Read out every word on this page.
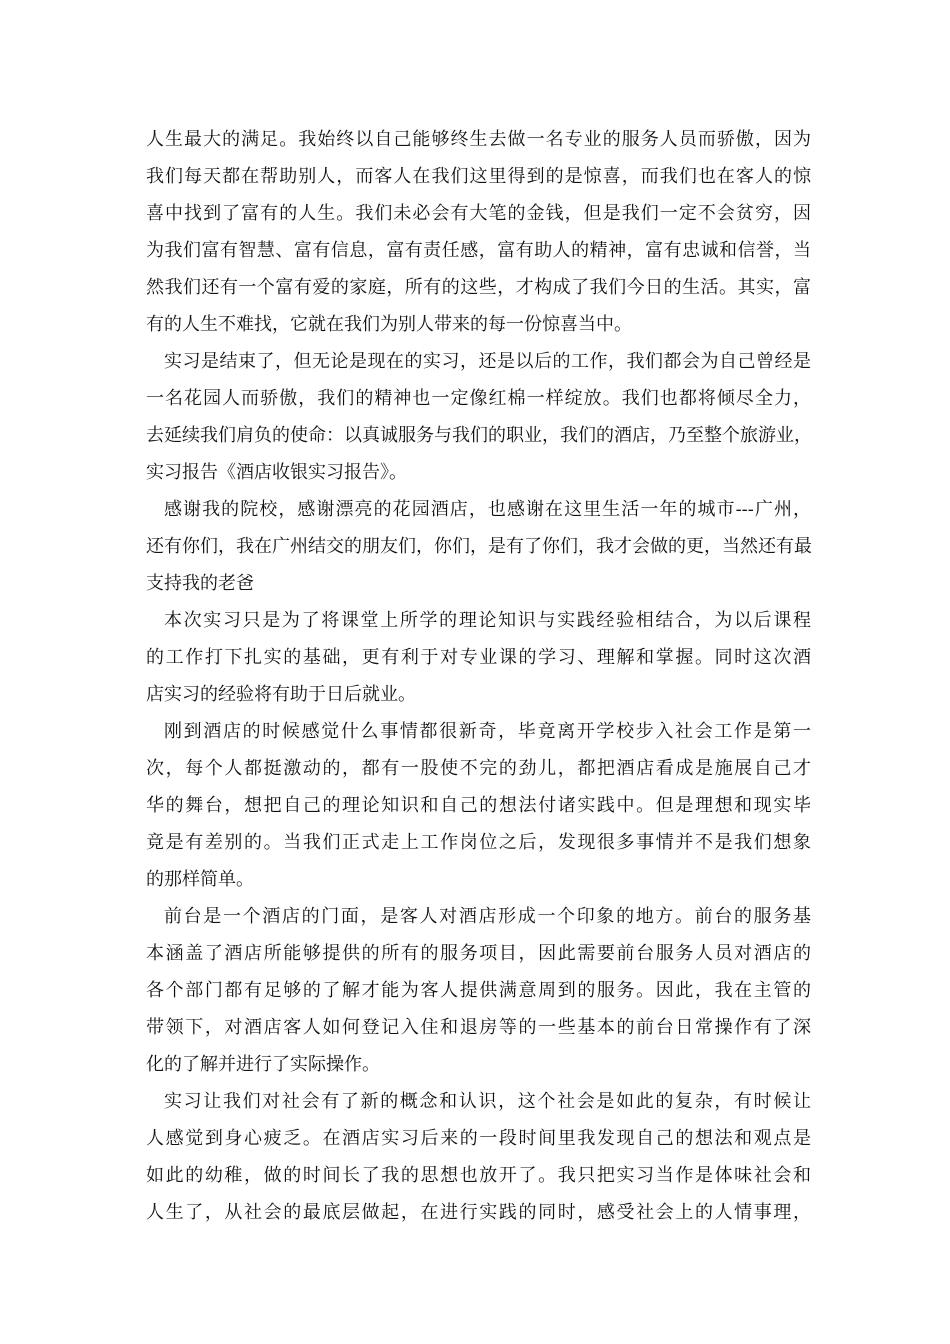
人生最大的满足。我始终以自己能够终生去做一名专业的服务人员而骄傲，因为
我们每天都在帮助别人，而客人在我们这里得到的是惊喜，而我们也在客人的惊
喜中找到了富有的人生。我们未必会有大笔的金钱，但是我们一定不会贫穷，因
为我们富有智慧、富有信息，富有责任感，富有助人的精神，富有忠诚和信誉，当
然我们还有一个富有爱的家庭，所有的这些，才构成了我们今日的生活。其实，富
有的人生不难找，它就在我们为别人带来的每一份惊喜当中。
实习是结束了，但无论是现在的实习，还是以后的工作，我们都会为自己曾经是
一名花园人而骄傲，我们的精神也一定像红棉一样绽放。我们也都将倾尽全力，
去延续我们肩负的使命：以真诚服务与我们的职业，我们的酒店，乃至整个旅游业，
实习报告《酒店收银实习报告》。
感谢我的院校，感谢漂亮的花园酒店，也感谢在这里生活一年的城市---广州，
还有你们，我在广州结交的朋友们，你们，是有了你们，我才会做的更，当然还有最
支持我的老爸
本次实习只是为了将课堂上所学的理论知识与实践经验相结合，为以后课程
的工作打下扎实的基础，更有利于对专业课的学习、理解和掌握。同时这次酒
店实习的经验将有助于日后就业。
刚到酒店的时候感觉什么事情都很新奇，毕竟离开学校步入社会工作是第一
次，每个人都挺激动的，都有一股使不完的劲儿，都把酒店看成是施展自己才
华的舞台，想把自己的理论知识和自己的想法付诸实践中。但是理想和现实毕
竟是有差别的。当我们正式走上工作岗位之后，发现很多事情并不是我们想象
的那样简单。
前台是一个酒店的门面，是客人对酒店形成一个印象的地方。前台的服务基
本涵盖了酒店所能够提供的所有的服务项目，因此需要前台服务人员对酒店的
各个部门都有足够的了解才能为客人提供满意周到的服务。因此，我在主管的
带领下，对酒店客人如何登记入住和退房等的一些基本的前台日常操作有了深
化的了解并进行了实际操作。
实习让我们对社会有了新的概念和认识，这个社会是如此的复杂，有时候让
人感觉到身心疲乏。在酒店实习后来的一段时间里我发现自己的想法和观点是
如此的幼稚，做的时间长了我的思想也放开了。我只把实习当作是体味社会和
人生了，从社会的最底层做起，在进行实践的同时，感受社会上的人情事理，
